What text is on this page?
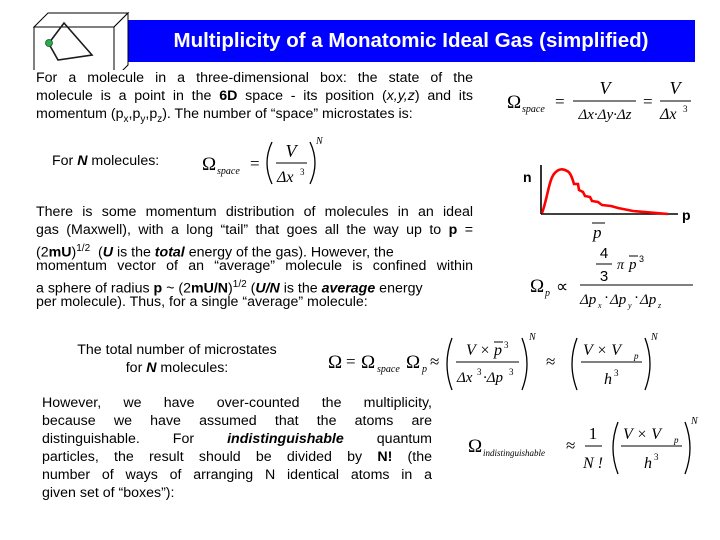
Multiplicity of a Monatomic Ideal Gas (simplified)
For a molecule in a three-dimensional box: the state of the
molecule is a point in the 6D space - its position (x,y,z) and its
momentum $(p_x,p_y,p_z)$. The number of “space” microstates is:
For N molecules:
There is some momentum distribution of molecules in an ideal
gas (Maxwell), with a long “tail” that goes all the way up to p =
$(2mU)^{1/2}$  (U is the total energy of the gas). However, the
momentum vector of an “average” molecule is confined within
a sphere of radius p ~ $(2mU/N)^{1/2}$ (U/N is the average energy
per molecule). Thus, for a single “average” molecule:
The total number of microstates
for N molecules:
However, we have over-counted the multiplicity,
because we have assumed that the atoms are
distinguishable. For indistinguishable quantum
particles, the result should be divided by N! (the
number of ways of arranging N identical atoms in a
given set of “boxes”):
Ω space =
V
Δx·Δy·Δz
=
V
Δx 3
Ω space =
V
Δx 3
N
n
p
p
4
3
π p 3
Ω p ∝
Δp x · Δp y · Δp z
Ω = Ω space Ω p ≈
V × p 3
Δx 3 ·Δp 3
N
≈
V × V p
h 3
N
Ω indistinguishable ≈
1
N !
V × V p
h 3
N
